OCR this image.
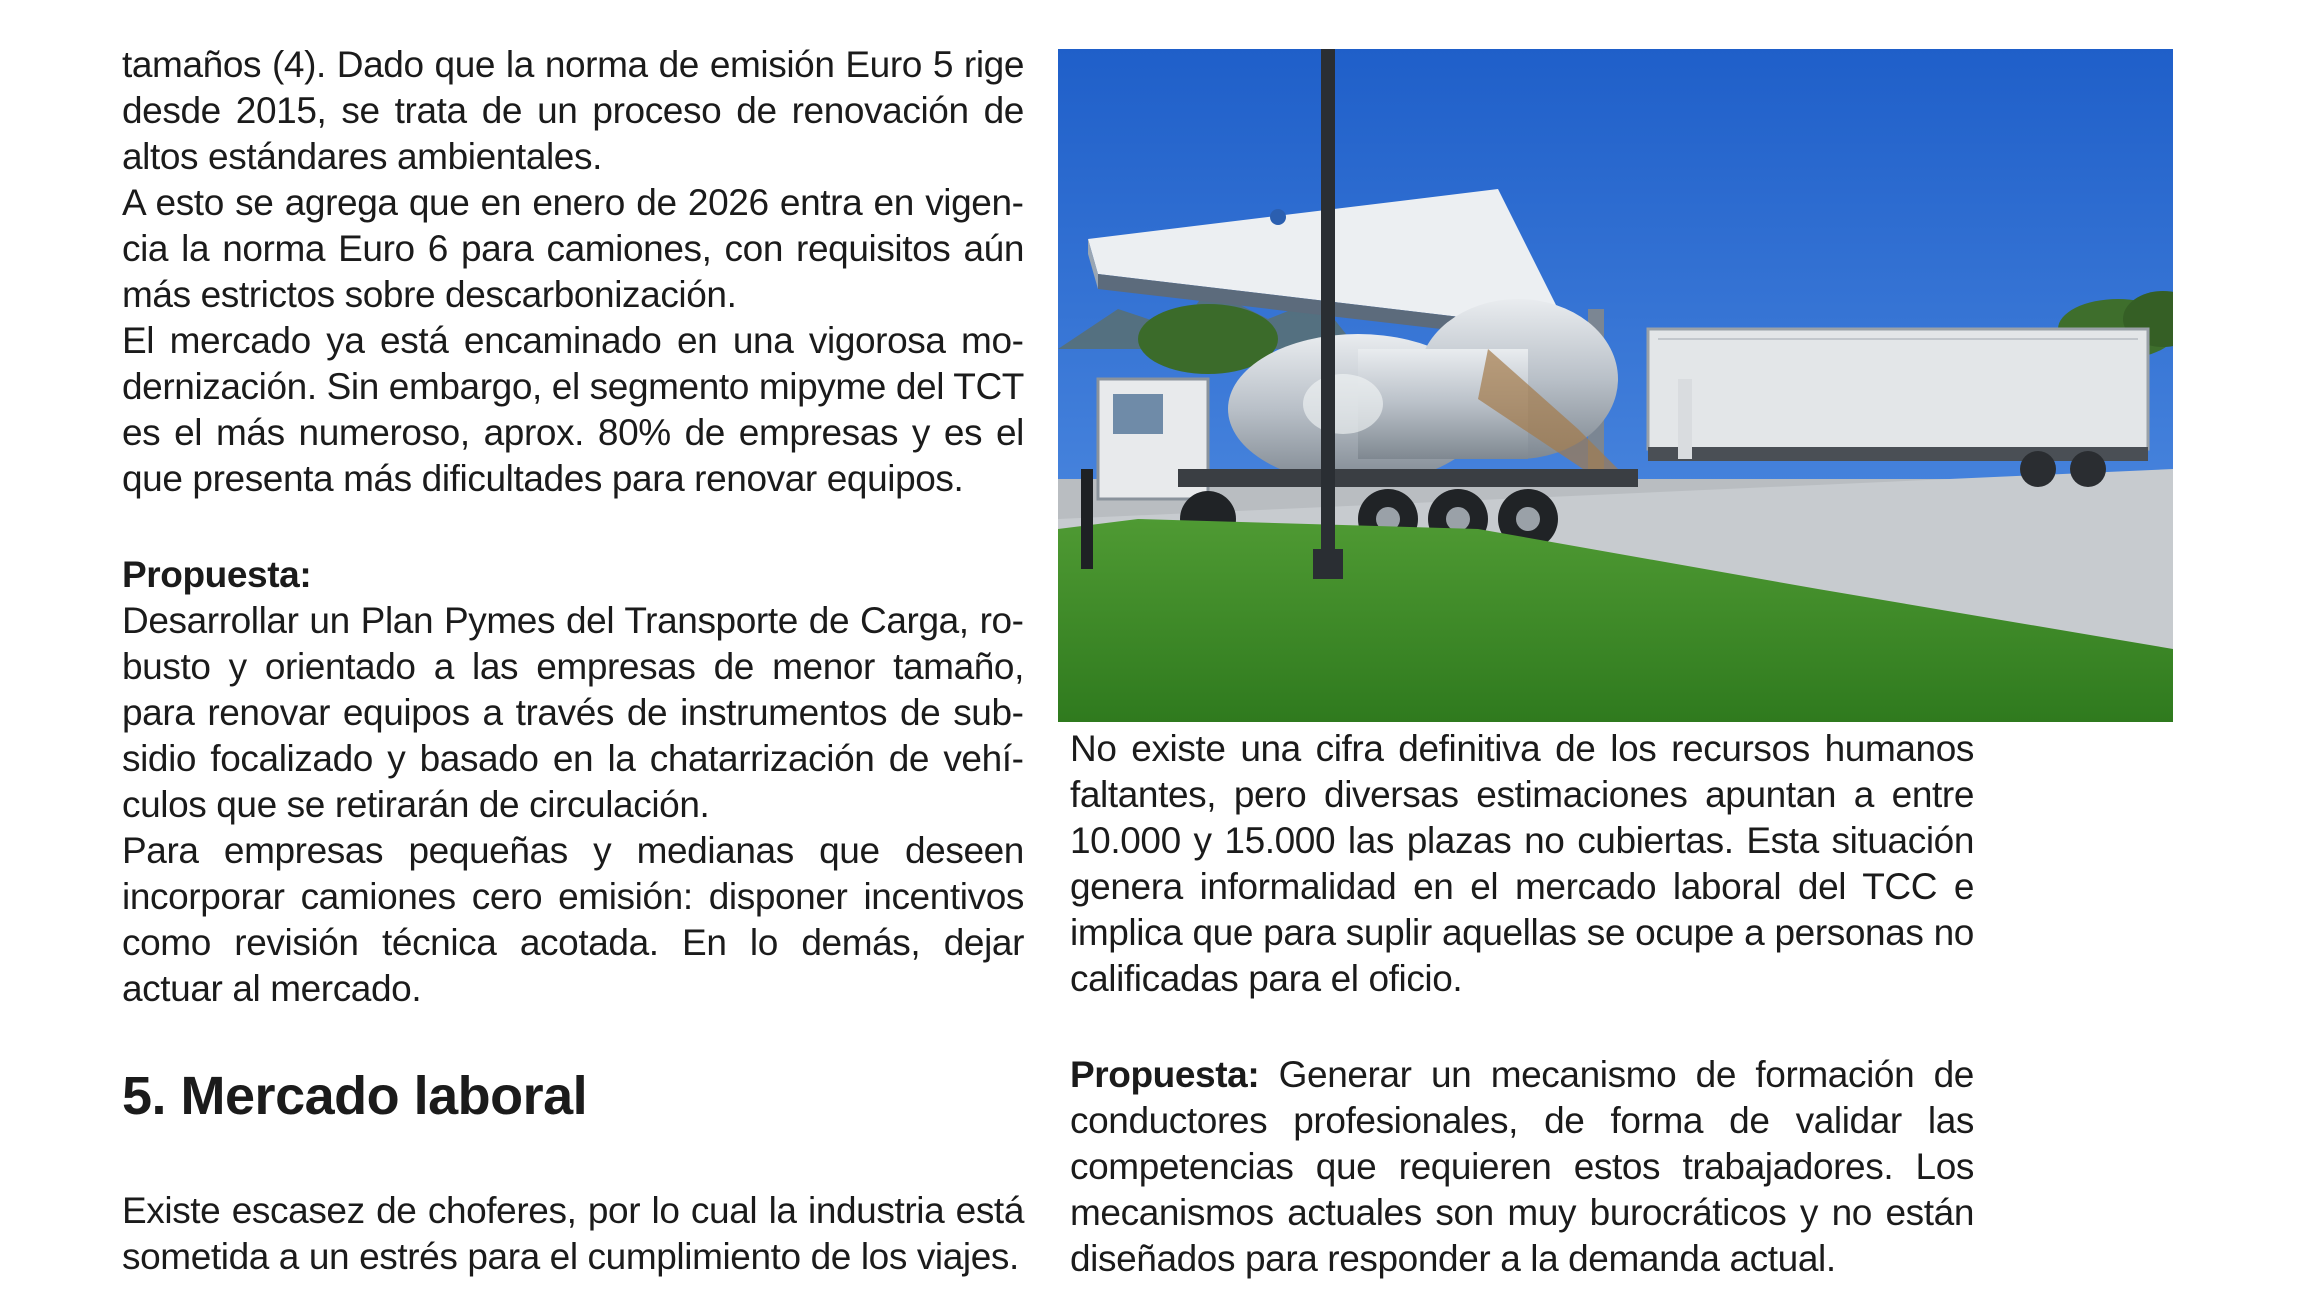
tamaños (4). Dado que la norma de emisión Euro 5 rige desde 2015, se trata de un proceso de renovación de altos estándares ambientales.

A esto se agrega que en enero de 2026 entra en vigencia la norma Euro 6 para camiones, con requisitos aún más estrictos sobre descarbonización.

El mercado ya está encaminado en una vigorosa modernización. Sin embargo, el segmento mipyme del TCT es el más numeroso, aprox. 80% de empresas y es el que presenta más dificultades para renovar equipos.

Propuesta:

Desarrollar un Plan Pymes del Transporte de Carga, robusto y orientado a las empresas de menor tamaño, para renovar equipos a través de instrumentos de subsidio focalizado y basado en la chatarrización de vehículos que se retirarán de circulación.

Para empresas pequeñas y medianas que deseen incorporar camiones cero emisión: disponer incentivos como revisión técnica acotada. En lo demás, dejar actuar al mercado.

5. Mercado laboral

Existe escasez de choferes, por lo cual la industria está sometida a un estrés para el cumplimiento de los viajes.

No existe una cifra definitiva de los recursos humanos faltantes, pero diversas estimaciones apuntan a entre 10.000 y 15.000 las plazas no cubiertas. Esta situación genera informalidad en el mercado laboral del TCC e implica que para suplir aquellas se ocupe a personas no calificadas para el oficio.

Propuesta: Generar un mecanismo de formación de conductores profesionales, de forma de validar las competencias que requieren estos trabajadores. Los mecanismos actuales son muy burocráticos y no están diseñados para responder a la demanda actual.
